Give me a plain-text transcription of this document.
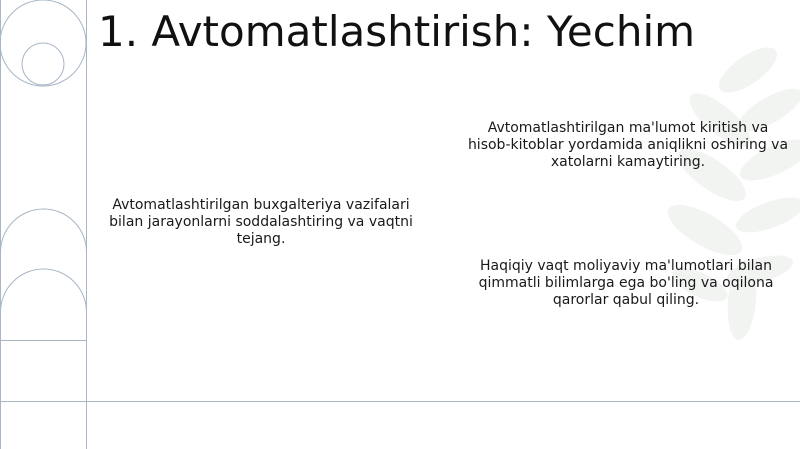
1. Avtomatlashtirish: Yechim

Avtomatlashtirilgan ma'lumot kiritish va hisob-kitoblar yordamida aniqlikni oshiring va xatolarni kamaytiring.

Avtomatlashtirilgan buxgalteriya vazifalari bilan jarayonlarni soddalashtiring va vaqtni tejang.

Haqiqiy vaqt moliyaviy ma'lumotlari bilan qimmatli bilimlarga ega bo'ling va oqilona qarorlar qabul qiling.
